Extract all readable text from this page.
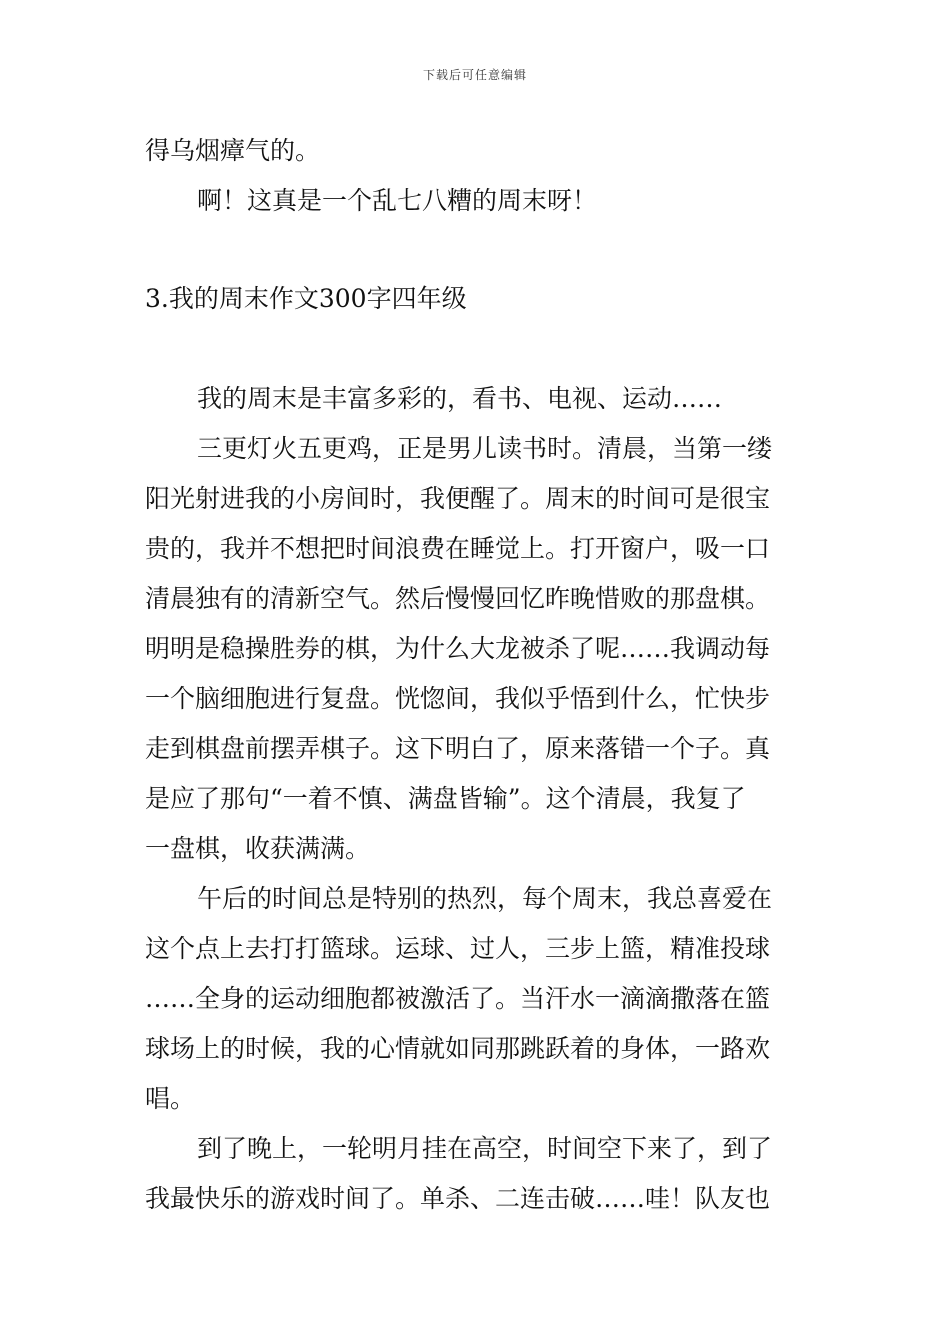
下载后可任意编辑
得乌烟瘴气的。
啊！这真是一个乱七八糟的周末呀！
3.我的周末作文300字四年级
我的周末是丰富多彩的，看书、电视、运动……
三更灯火五更鸡，正是男儿读书时。清晨，当第一缕
阳光射进我的小房间时，我便醒了。周末的时间可是很宝
贵的，我并不想把时间浪费在睡觉上。打开窗户，吸一口
清晨独有的清新空气。然后慢慢回忆昨晚惜败的那盘棋。
明明是稳操胜券的棋，为什么大龙被杀了呢……我调动每
一个脑细胞进行复盘。恍惚间，我似乎悟到什么，忙快步
走到棋盘前摆弄棋子。这下明白了，原来落错一个子。真
是应了那句“一着不慎、满盘皆输”。这个清晨，我复了
一盘棋，收获满满。
午后的时间总是特别的热烈，每个周末，我总喜爱在
这个点上去打打篮球。运球、过人，三步上篮，精准投球
……全身的运动细胞都被激活了。当汗水一滴滴撒落在篮
球场上的时候，我的心情就如同那跳跃着的身体，一路欢
唱。
到了晚上，一轮明月挂在高空，时间空下来了，到了
我最快乐的游戏时间了。单杀、二连击破……哇！队友也
